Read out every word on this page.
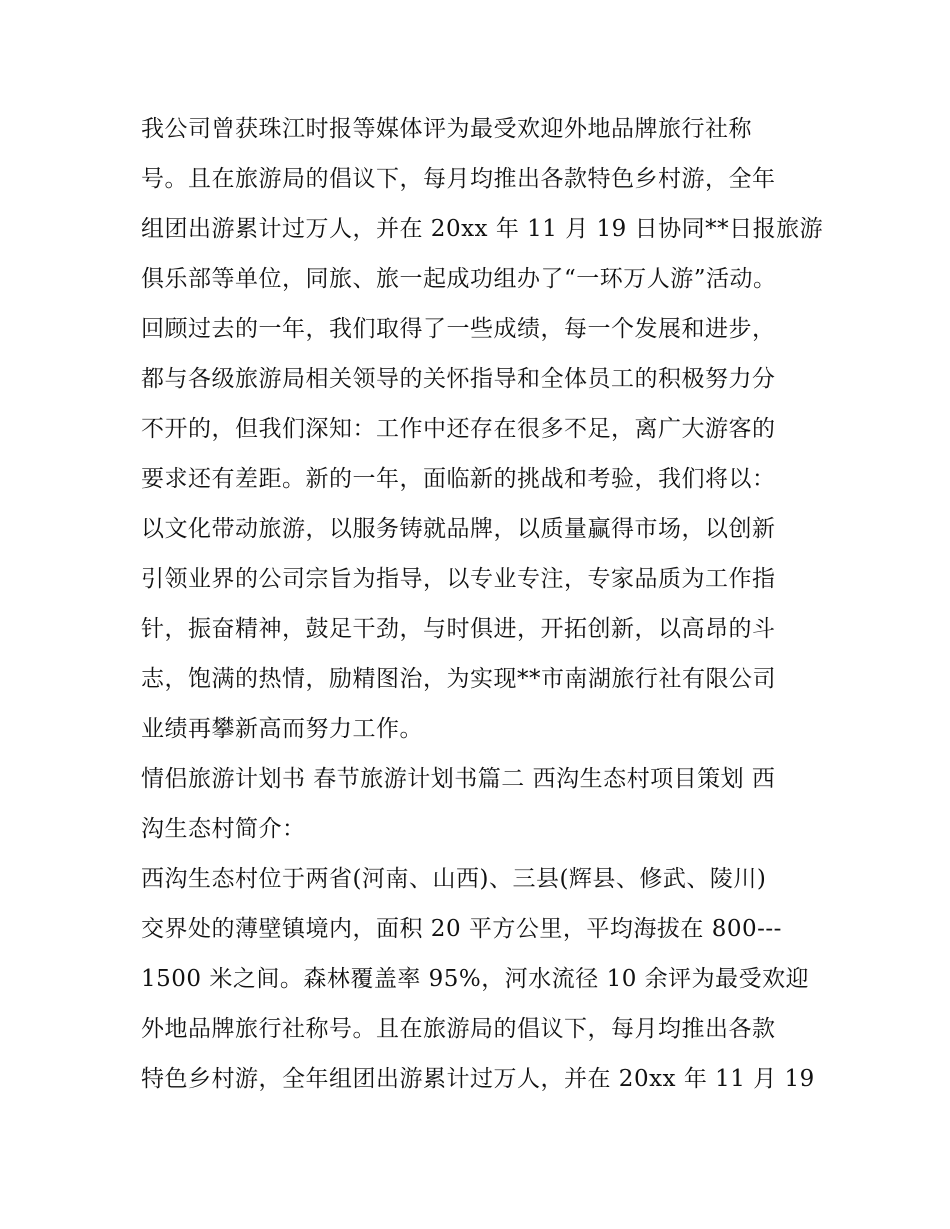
我公司曾获珠江时报等媒体评为最受欢迎外地品牌旅行社称
号。且在旅游局的倡议下，每月均推出各款特色乡村游，全年
组团出游累计过万人，并在 20xx 年 11 月 19 日协同**日报旅游
俱乐部等单位，同旅、旅一起成功组办了“一环万人游”活动。
回顾过去的一年，我们取得了一些成绩，每一个发展和进步，
都与各级旅游局相关领导的关怀指导和全体员工的积极努力分
不开的，但我们深知：工作中还存在很多不足，离广大游客的
要求还有差距。新的一年，面临新的挑战和考验，我们将以：
以文化带动旅游，以服务铸就品牌，以质量赢得市场，以创新
引领业界的公司宗旨为指导，以专业专注，专家品质为工作指
针，振奋精神，鼓足干劲，与时俱进，开拓创新，以高昂的斗
志，饱满的热情，励精图治，为实现**市南湖旅行社有限公司
业绩再攀新高而努力工作。
情侣旅游计划书 春节旅游计划书篇二 西沟生态村项目策划 西
沟生态村简介：
西沟生态村位于两省(河南、山西)、三县(辉县、修武、陵川)
交界处的薄壁镇境内，面积 20 平方公里，平均海拔在 800---
1500 米之间。森林覆盖率 95%，河水流径 10 余评为最受欢迎
外地品牌旅行社称号。且在旅游局的倡议下，每月均推出各款
特色乡村游，全年组团出游累计过万人，并在 20xx 年 11 月 19
